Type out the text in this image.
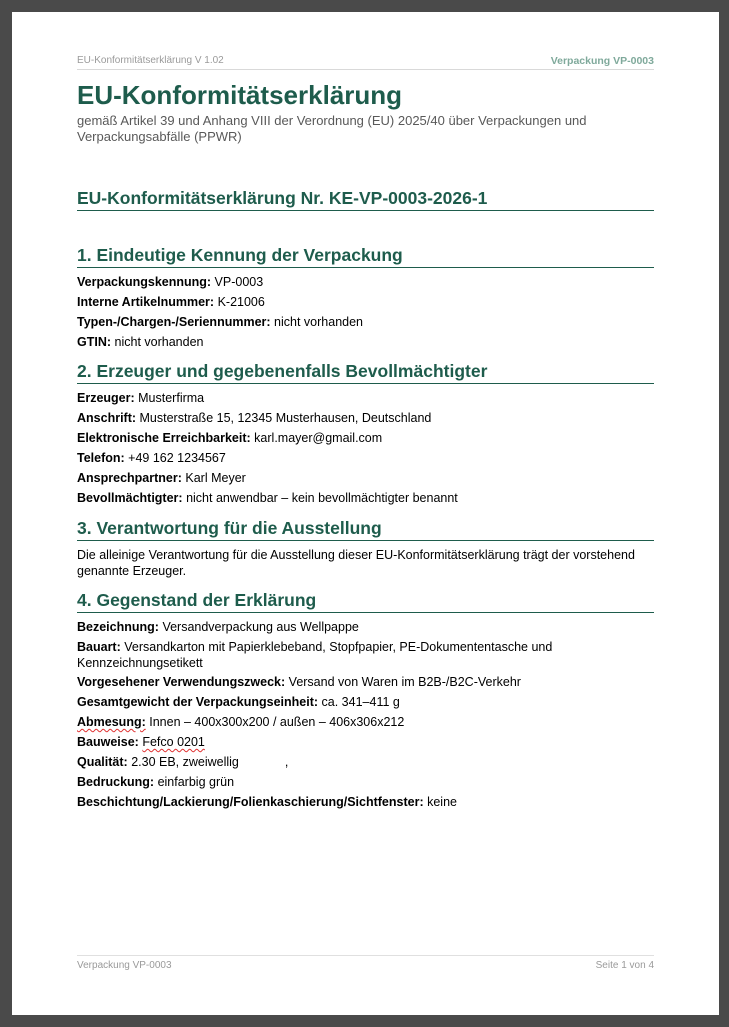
EU-Konformitätserklärung V 1.02	Verpackung VP-0003
EU-Konformitätserklärung
gemäß Artikel 39 und Anhang VIII der Verordnung (EU) 2025/40 über Verpackungen und Verpackungsabfälle (PPWR)
EU-Konformitätserklärung Nr. KE-VP-0003-2026-1
1. Eindeutige Kennung der Verpackung
Verpackungskennung: VP-0003
Interne Artikelnummer: K-21006
Typen-/Chargen-/Seriennummer: nicht vorhanden
GTIN: nicht vorhanden
2. Erzeuger und gegebenenfalls Bevollmächtigter
Erzeuger: Musterfirma
Anschrift: Musterstraße 15, 12345 Musterhausen, Deutschland
Elektronische Erreichbarkeit: karl.mayer@gmail.com
Telefon: +49 162 1234567
Ansprechpartner: Karl Meyer
Bevollmächtigter: nicht anwendbar – kein bevollmächtigter benannt
3. Verantwortung für die Ausstellung
Die alleinige Verantwortung für die Ausstellung dieser EU-Konformitätserklärung trägt der vorstehend genannte Erzeuger.
4. Gegenstand der Erklärung
Bezeichnung: Versandverpackung aus Wellpappe
Bauart: Versandkarton mit Papierklebeband, Stopfpapier, PE-Dokumententasche und Kennzeichnungsetikett
Vorgesehener Verwendungszweck: Versand von Waren im B2B-/B2C-Verkehr
Gesamtgewicht der Verpackungseinheit: ca. 341–411 g
Abmesung: Innen – 400x300x200 / außen – 406x306x212
Bauweise: Fefco 0201
Qualität: 2.30 EB, zweiwellig	,
Bedruckung: einfarbig grün
Beschichtung/Lackierung/Folienkaschierung/Sichtfenster: keine
Verpackung VP-0003	Seite 1 von 4
